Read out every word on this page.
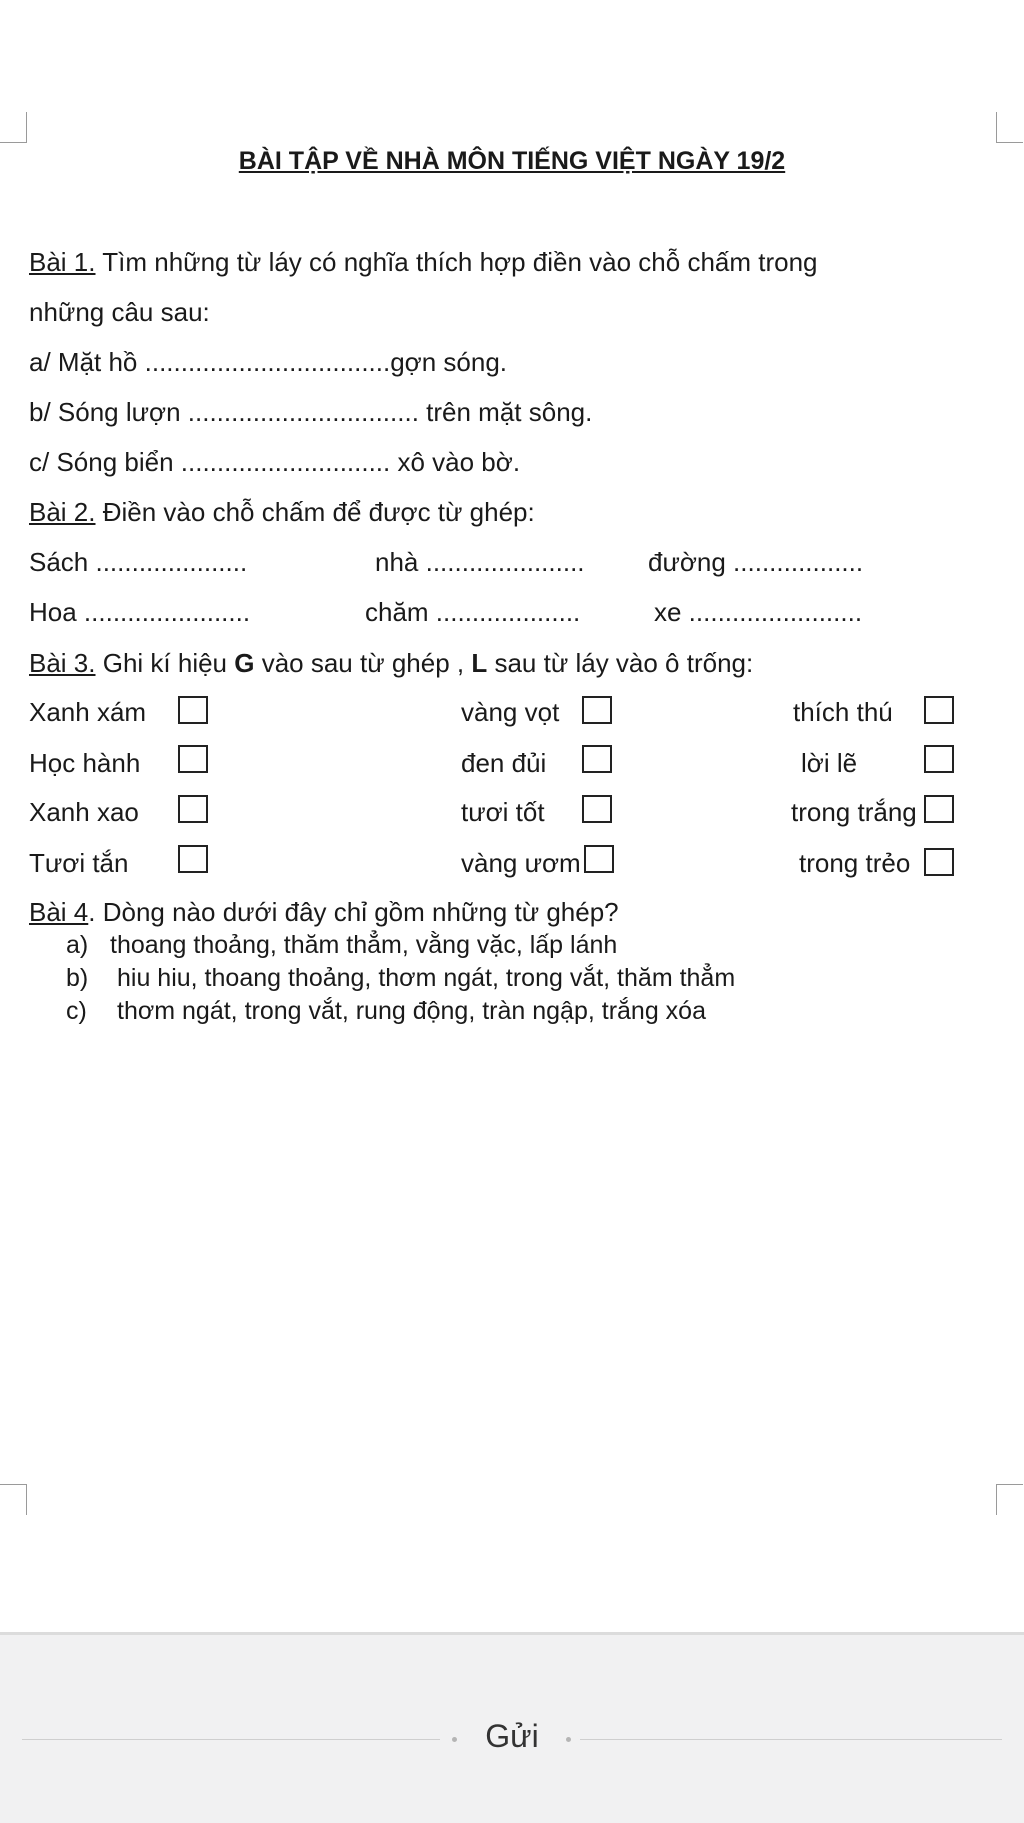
BÀI TẬP VỀ NHÀ MÔN TIẾNG VIỆT NGÀY 19/2
Bài 1. Tìm những từ láy có nghĩa thích hợp điền vào chỗ chấm trong
những câu sau:
a/ Mặt hồ ..................................gợn sóng.
b/ Sóng lượn ................................ trên mặt sông.
c/ Sóng biển ............................. xô vào bờ.
Bài 2. Điền vào chỗ chấm để được từ ghép:
Sách .....................	nhà ...................... đường ..................
Hoa .......................	chăm ....................	xe ........................
Bài 3. Ghi kí hiệu G vào sau từ ghép , L sau từ láy vào ô trống:
Xanh xám	vàng vọt	thích thú
Học hành	đen đủi	lời lẽ
Xanh xao	tươi tốt	trong trắng
Tươi tắn	vàng ươm	trong trẻo
Bài 4. Dòng nào dưới đây chỉ gồm những từ ghép?
a) thoang thoảng, thăm thẳm, vằng vặc, lấp lánh
b) hiu hiu, thoang thoảng, thơm ngát, trong vắt, thăm thẳm
c) thơm ngát, trong vắt, rung động, tràn ngập, trắng xóa
Gửi
